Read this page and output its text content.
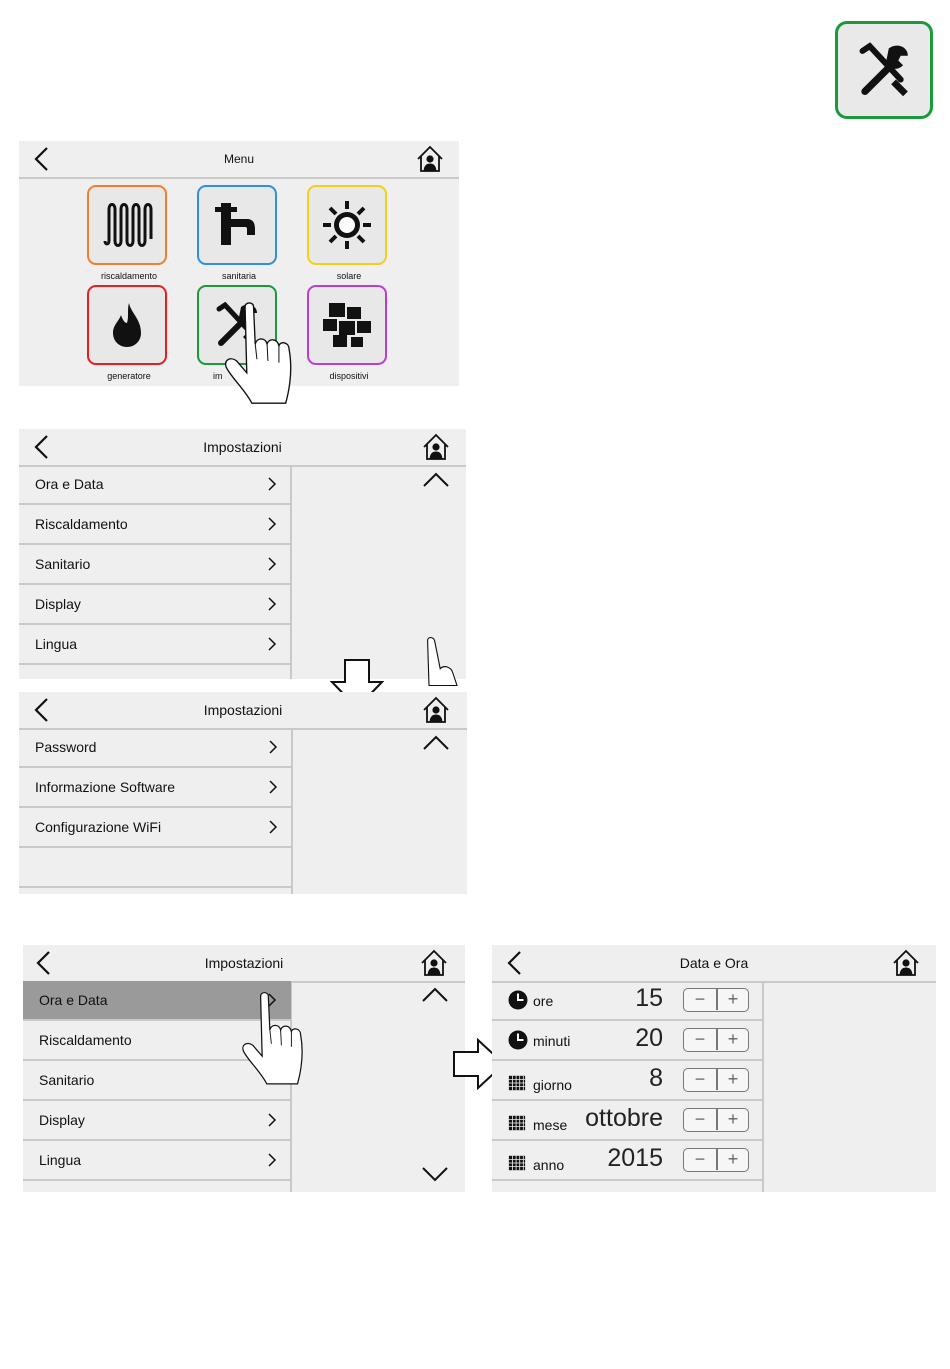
Menu
riscaldamento	sanitaria	solare
generatore	im	dispositivi
Impostazioni
Ora e Data
Riscaldamento
Sanitario
Display
Lingua
Impostazioni
Password
Informazione Software
Configurazione WiFi
Impostazioni
Ora e Data
Riscaldamento
Sanitario
Display
Lingua
Data e Ora
ore	15	−	+
minuti	20	−	+
giorno	8	−	+
mese ottobre	−	+
anno 2015	−	+
